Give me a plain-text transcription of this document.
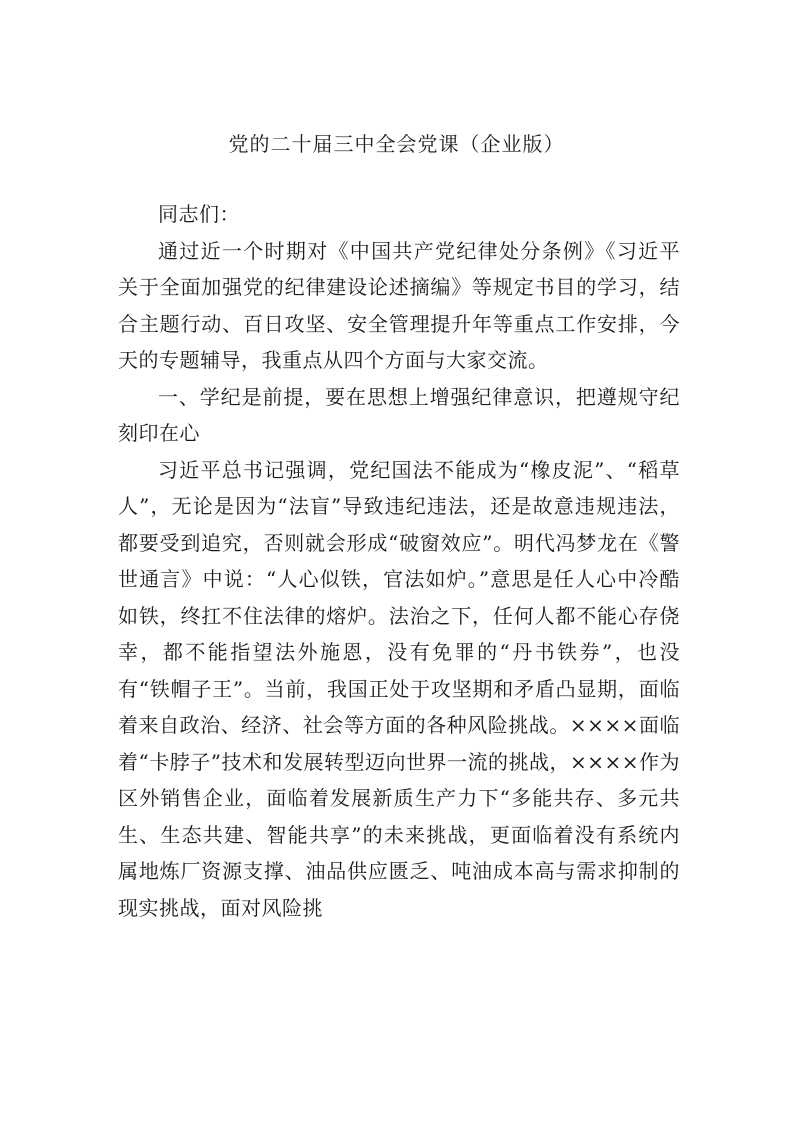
党的二十届三中全会党课（企业版）

同志们：

通过近一个时期对《中国共产党纪律处分条例》《习近平关于全面加强党的纪律建设论述摘编》等规定书目的学习，结合主题行动、百日攻坚、安全管理提升年等重点工作安排，今天的专题辅导，我重点从四个方面与大家交流。

一、学纪是前提，要在思想上增强纪律意识，把遵规守纪刻印在心

习近平总书记强调，党纪国法不能成为“橡皮泥”、“稻草人”，无论是因为“法盲”导致违纪违法，还是故意违规违法，都要受到追究，否则就会形成“破窗效应”。明代冯梦龙在《警世通言》中说：“人心似铁，官法如炉。”意思是任人心中冷酷如铁，终扛不住法律的熔炉。法治之下，任何人都不能心存侥幸，都不能指望法外施恩，没有免罪的“丹书铁券”，也没有“铁帽子王”。当前，我国正处于攻坚期和矛盾凸显期，面临着来自政治、经济、社会等方面的各种风险挑战。××××面临着“卡脖子”技术和发展转型迈向世界一流的挑战，××××作为区外销售企业，面临着发展新质生产力下“多能共存、多元共生、生态共建、智能共享”的未来挑战，更面临着没有系统内属地炼厂资源支撑、油品供应匮乏、吨油成本高与需求抑制的现实挑战，面对风险挑
